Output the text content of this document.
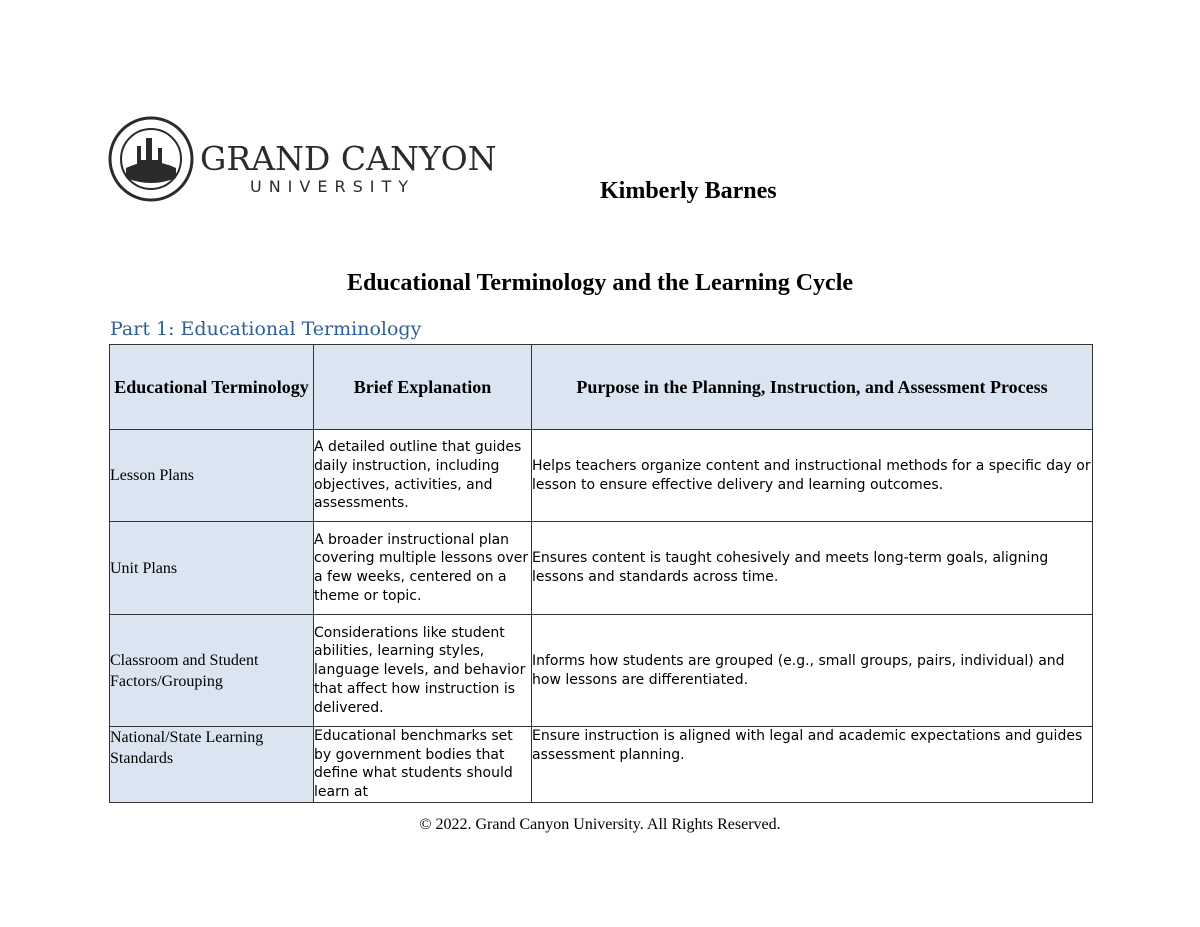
GRAND CANYON
UNIVERSITY	Kimberly Barnes
Educational Terminology and the Learning Cycle
Part 1: Educational Terminology
Educational Terminology	Brief Explanation	Purpose in the Planning, Instruction, and Assessment Process
Lesson Plans	A detailed outline that guides daily instruction, including objectives, activities, and assessments.	Helps teachers organize content and instructional methods for a specific day or lesson to ensure effective delivery and learning outcomes.
Unit Plans	A broader instructional plan covering multiple lessons over a few weeks, centered on a theme or topic.	Ensures content is taught cohesively and meets long-term goals, aligning lessons and standards across time.
Classroom and Student Factors/Grouping	Considerations like student abilities, learning styles, language levels, and behavior that affect how instruction is delivered.	Informs how students are grouped (e.g., small groups, pairs, individual) and how lessons are differentiated.
National/State Learning Standards	Educational benchmarks set by government bodies that define what students should learn at	Ensure instruction is aligned with legal and academic expectations and guides assessment planning.
© 2022. Grand Canyon University. All Rights Reserved.
